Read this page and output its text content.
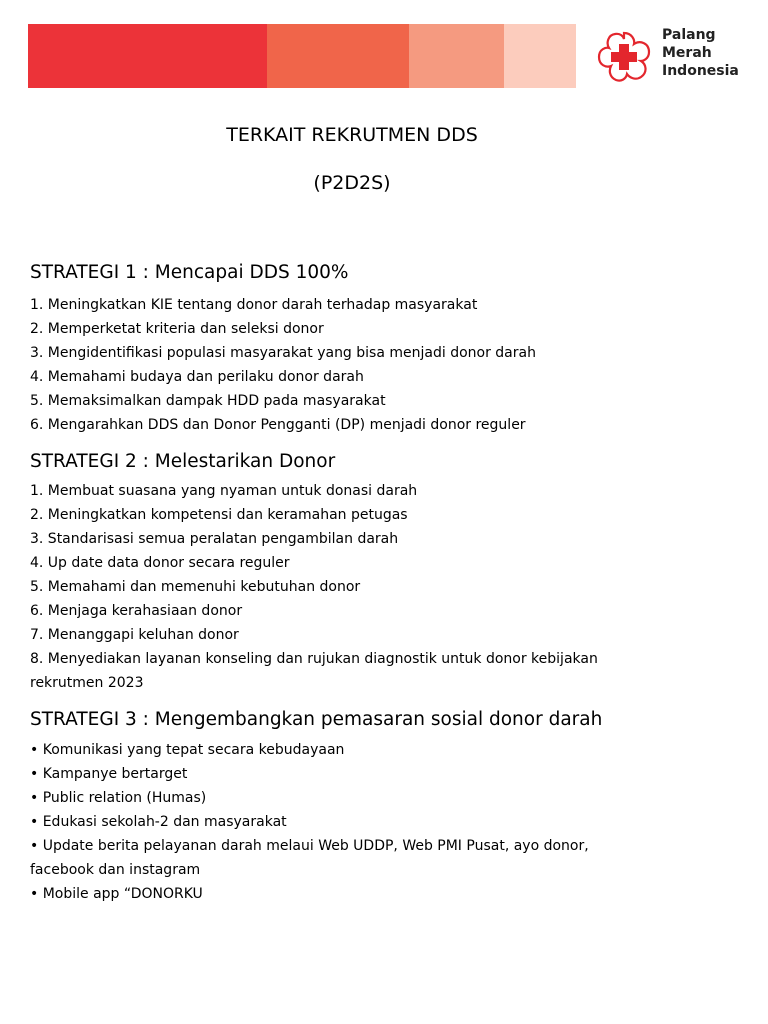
Palang
Merah
Indonesia
TERKAIT REKRUTMEN DDS
(P2D2S)
STRATEGI 1 : Mencapai DDS 100%
1. Meningkatkan KIE tentang donor darah terhadap masyarakat
2. Memperketat kriteria dan seleksi donor
3. Mengidentifikasi populasi masyarakat yang bisa menjadi donor darah
4. Memahami budaya dan perilaku donor darah
5. Memaksimalkan dampak HDD pada masyarakat
6. Mengarahkan DDS dan Donor Pengganti (DP) menjadi donor reguler
STRATEGI 2 : Melestarikan Donor
1. Membuat suasana yang nyaman untuk donasi darah
2. Meningkatkan kompetensi dan keramahan petugas
3. Standarisasi semua peralatan pengambilan darah
4. Up date data donor secara reguler
5. Memahami dan memenuhi kebutuhan donor
6. Menjaga kerahasiaan donor
7. Menanggapi keluhan donor
8. Menyediakan layanan konseling dan rujukan diagnostik untuk donor kebijakan
rekrutmen 2023
STRATEGI 3 : Mengembangkan pemasaran sosial donor darah
• Komunikasi yang tepat secara kebudayaan
• Kampanye bertarget
• Public relation (Humas)
• Edukasi sekolah-2 dan masyarakat
• Update berita pelayanan darah melaui Web UDDP, Web PMI Pusat, ayo donor,
facebook dan instagram
• Mobile app “DONORKU
